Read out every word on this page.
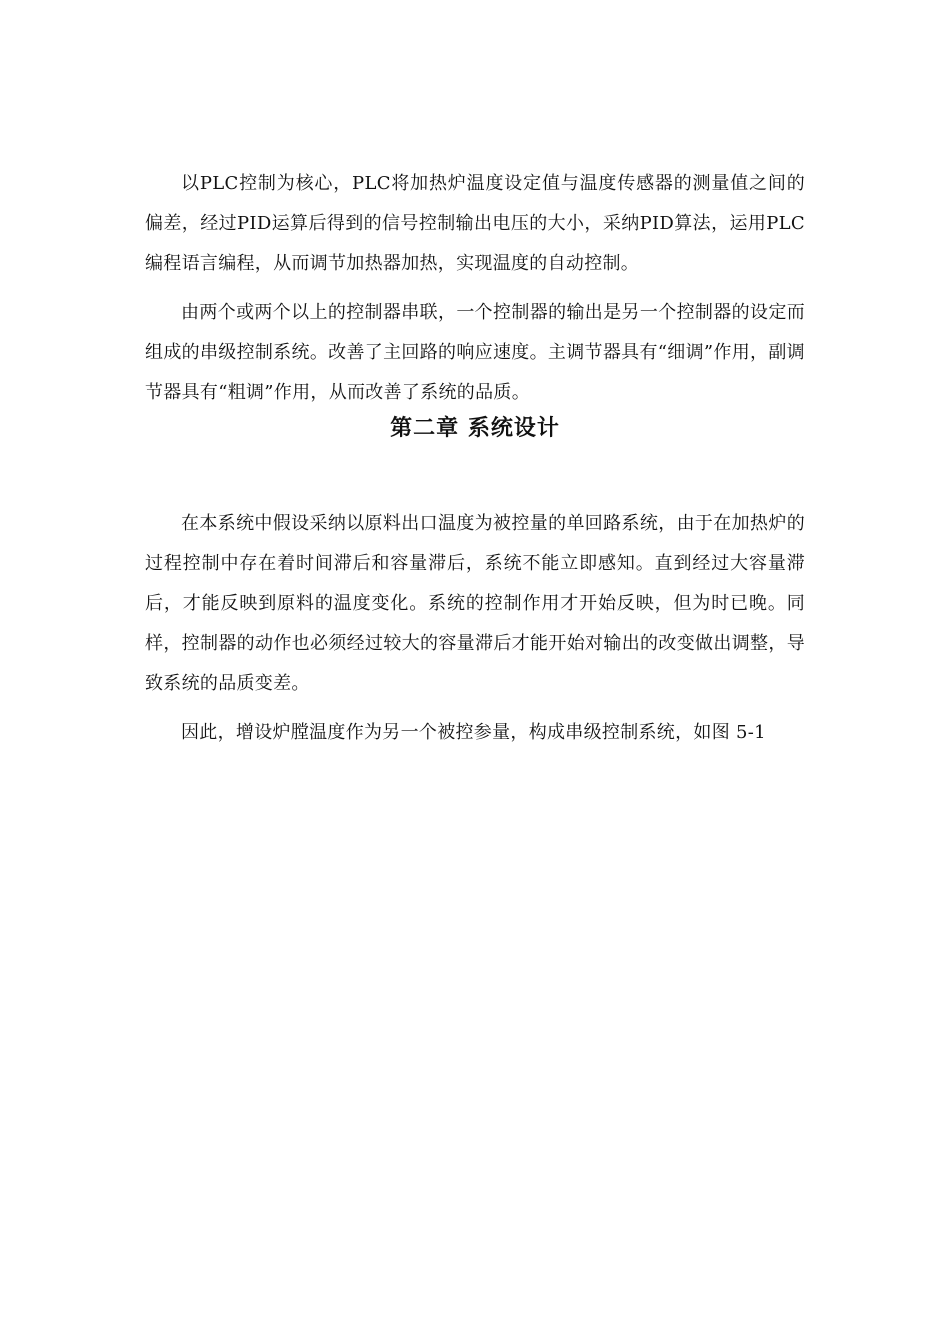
以PLC控制为核心，PLC将加热炉温度设定值与温度传感器的测量值之间的偏差，经过PID运算后得到的信号控制输出电压的大小，采纳PID算法，运用PLC编程语言编程，从而调节加热器加热，实现温度的自动控制。

由两个或两个以上的控制器串联，一个控制器的输出是另一个控制器的设定而组成的串级控制系统。改善了主回路的响应速度。主调节器具有“细调”作用，副调节器具有“粗调”作用，从而改善了系统的品质。

第二章 系统设计

在本系统中假设采纳以原料出口温度为被控量的单回路系统，由于在加热炉的过程控制中存在着时间滞后和容量滞后，系统不能立即感知。直到经过大容量滞后，才能反映到原料的温度变化。系统的控制作用才开始反映，但为时已晚。同样，控制器的动作也必须经过较大的容量滞后才能开始对输出的改变做出调整，导致系统的品质变差。

因此，增设炉膛温度作为另一个被控参量，构成串级控制系统，如图 5-1
